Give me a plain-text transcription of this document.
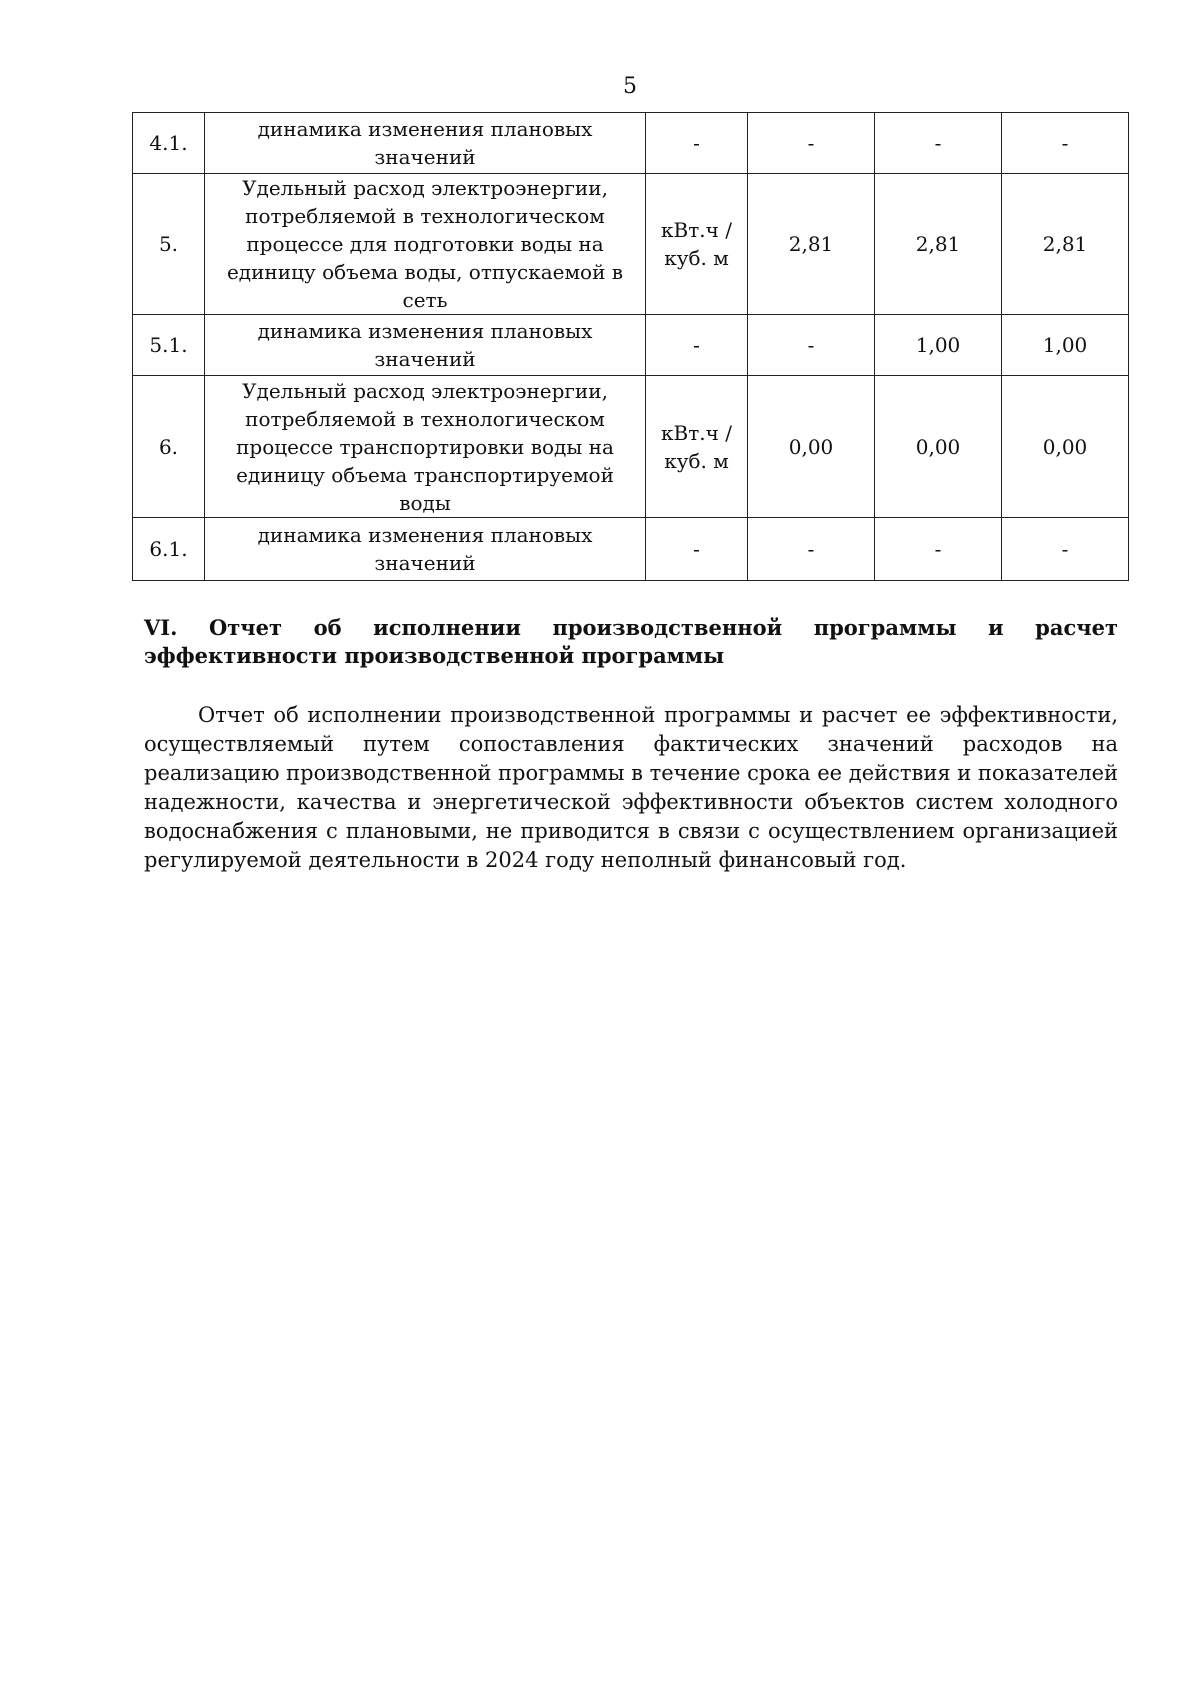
5
4.1.	динамика изменения плановых значений	-	-	-	-
5.	Удельный расход электроэнергии, потребляемой в технологическом процессе для подготовки воды на единицу объема воды, отпускаемой в сеть	кВт.ч / куб. м	2,81	2,81	2,81
5.1.	динамика изменения плановых значений	-	-	1,00	1,00
6.	Удельный расход электроэнергии, потребляемой в технологическом процессе транспортировки воды на единицу объема транспортируемой воды	кВт.ч / куб. м	0,00	0,00	0,00
6.1.	динамика изменения плановых значений	-	-	-	-
VI. Отчет об исполнении производственной программы и расчет эффективности производственной программы

Отчет об исполнении производственной программы и расчет ее эффективности, осуществляемый путем сопоставления фактических значений расходов на реализацию производственной программы в течение срока ее действия и показателей надежности, качества и энергетической эффективности объектов систем холодного водоснабжения с плановыми, не приводится в связи с осуществлением организацией регулируемой деятельности в 2024 году неполный финансовый год.
